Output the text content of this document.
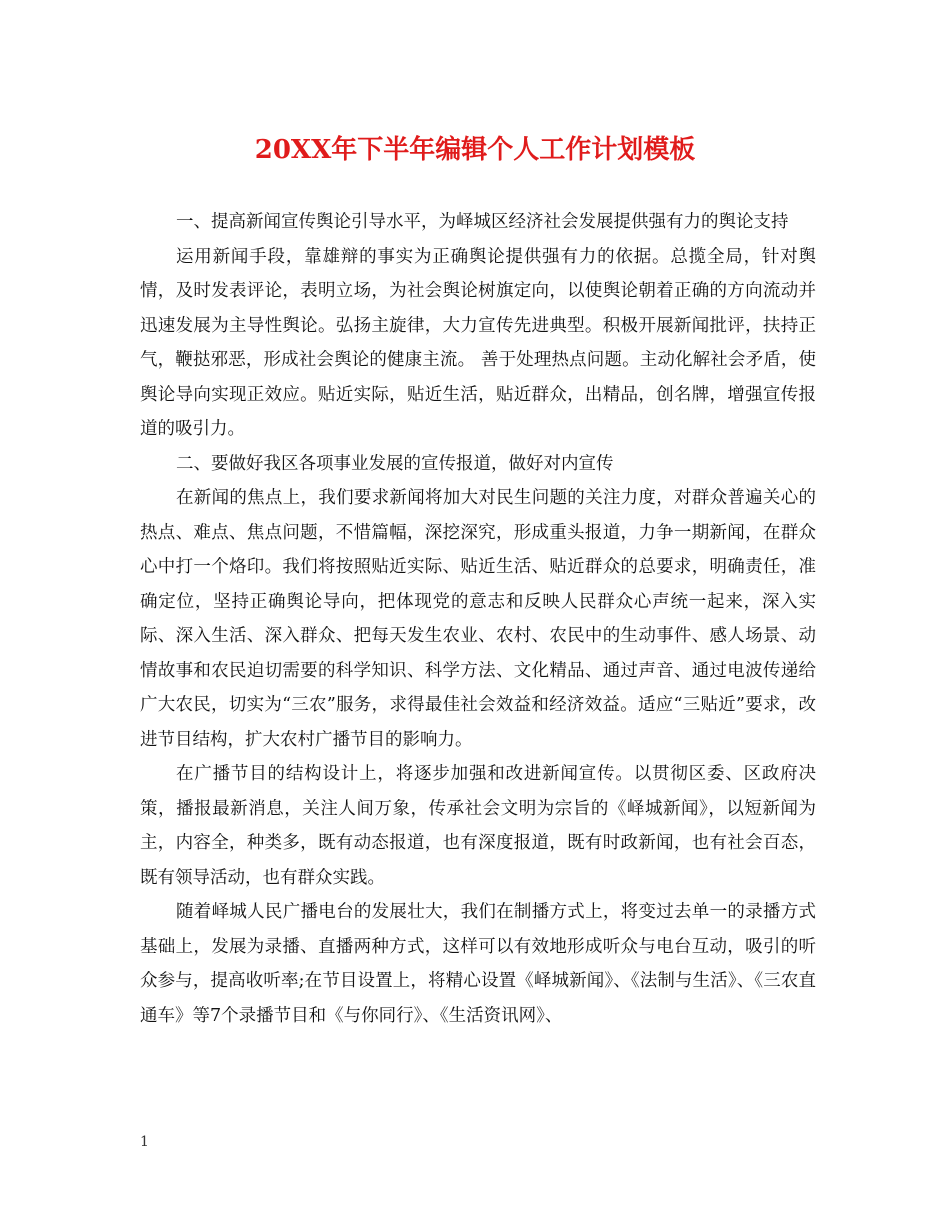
20XX年下半年编辑个人工作计划模板

一、提高新闻宣传舆论引导水平，为峄城区经济社会发展提供强有力的舆论支持

运用新闻手段，靠雄辩的事实为正确舆论提供强有力的依据。总揽全局，针对舆情，及时发表评论，表明立场，为社会舆论树旗定向，以使舆论朝着正确的方向流动并迅速发展为主导性舆论。弘扬主旋律，大力宣传先进典型。积极开展新闻批评，扶持正气，鞭挞邪恶，形成社会舆论的健康主流。 善于处理热点问题。主动化解社会矛盾，使舆论导向实现正效应。贴近实际，贴近生活，贴近群众，出精品，创名牌，增强宣传报道的吸引力。

二、要做好我区各项事业发展的宣传报道，做好对内宣传

在新闻的焦点上，我们要求新闻将加大对民生问题的关注力度，对群众普遍关心的热点、难点、焦点问题，不惜篇幅，深挖深究，形成重头报道，力争一期新闻，在群众心中打一个烙印。我们将按照贴近实际、贴近生活、贴近群众的总要求，明确责任，准确定位，坚持正确舆论导向，把体现党的意志和反映人民群众心声统一起来，深入实际、深入生活、深入群众、把每天发生农业、农村、农民中的生动事件、感人场景、动情故事和农民迫切需要的科学知识、科学方法、文化精品、通过声音、通过电波传递给广大农民，切实为“三农”服务，求得最佳社会效益和经济效益。适应“三贴近”要求，改进节目结构，扩大农村广播节目的影响力。

在广播节目的结构设计上，将逐步加强和改进新闻宣传。以贯彻区委、区政府决策，播报最新消息，关注人间万象，传承社会文明为宗旨的《峄城新闻》，以短新闻为主，内容全，种类多，既有动态报道，也有深度报道，既有时政新闻，也有社会百态，既有领导活动，也有群众实践。

随着峄城人民广播电台的发展壮大，我们在制播方式上，将变过去单一的录播方式基础上，发展为录播、直播两种方式，这样可以有效地形成听众与电台互动，吸引的听众参与，提高收听率;在节目设置上，将精心设置《峄城新闻》、《法制与生活》、《三农直通车》等7个录播节目和《与你同行》、《生活资讯网》、

1
